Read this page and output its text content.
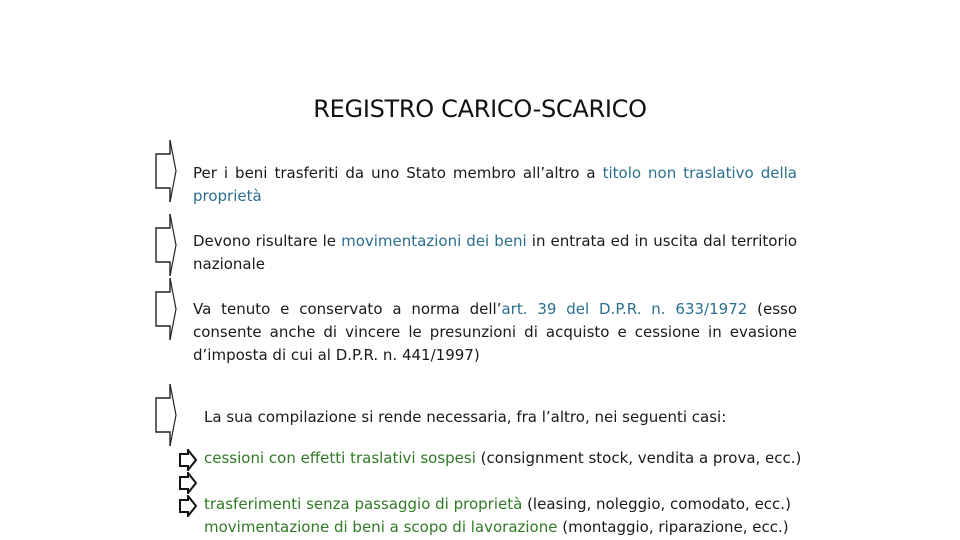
REGISTRO CARICO-SCARICO
Per i beni trasferiti da uno Stato membro all’altro a titolo non traslativo della proprietà
Devono risultare le movimentazioni dei beni in entrata ed in uscita dal territorio nazionale
Va tenuto e conservato a norma dell’art. 39 del D.P.R. n. 633/1972 (esso consente anche di vincere le presunzioni di acquisto e cessione in evasione d’imposta di cui al D.P.R. n. 441/1997)
La sua compilazione si rende necessaria, fra l’altro, nei seguenti casi:
cessioni con effetti traslativi sospesi (consignment stock, vendita a prova, ecc.)
trasferimenti senza passaggio di proprietà (leasing, noleggio, comodato, ecc.)
movimentazione di beni a scopo di lavorazione (montaggio, riparazione, ecc.)
